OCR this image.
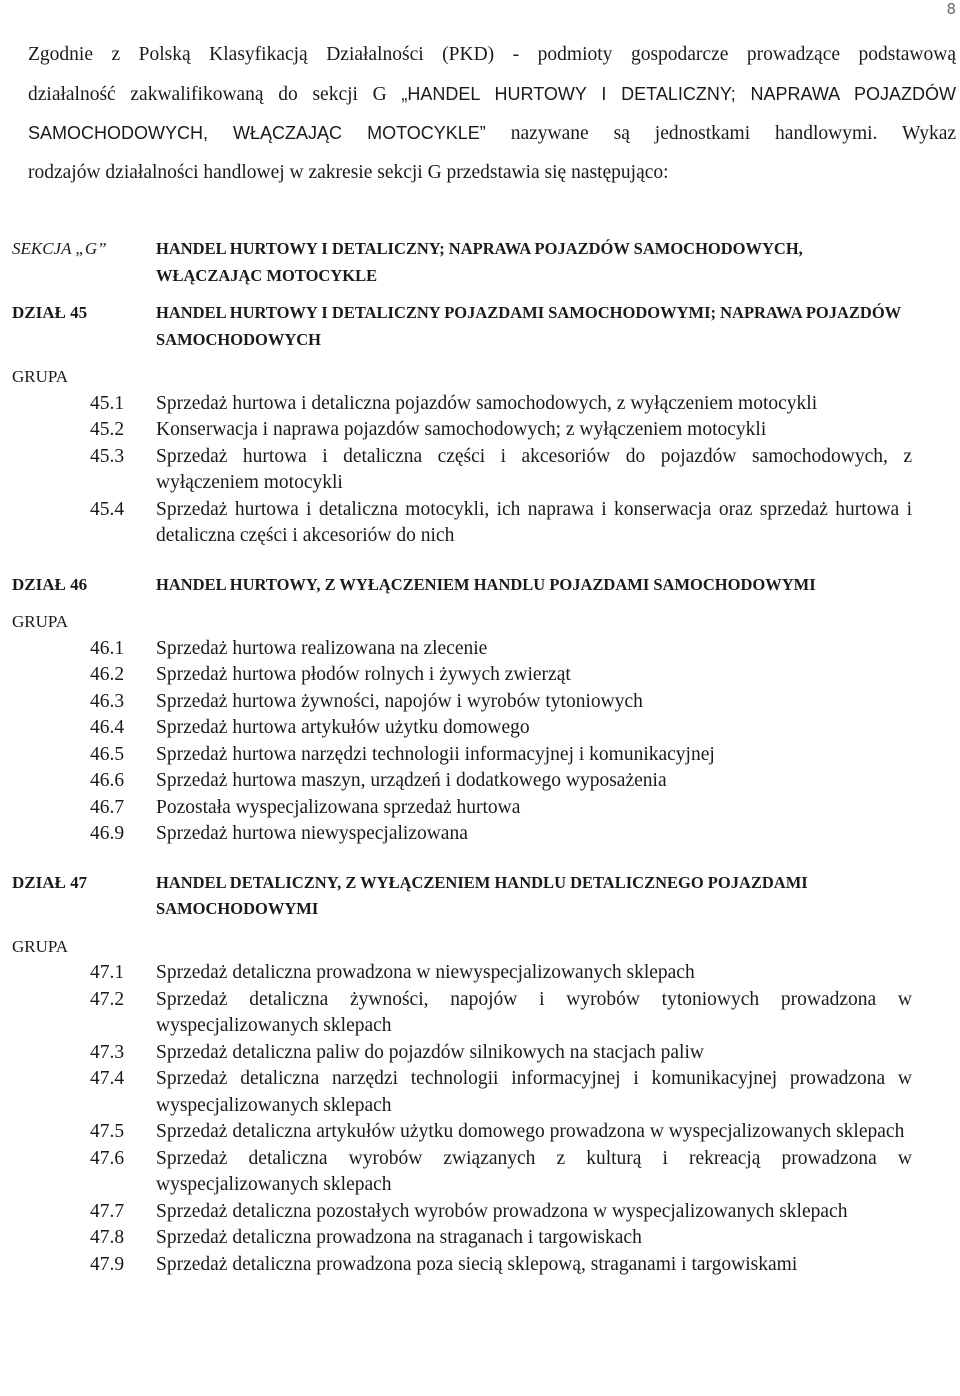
8
Zgodnie z Polską Klasyfikacją Działalności (PKD) - podmioty gospodarcze prowadzące podstawową
działalność zakwalifikowaną do sekcji G „HANDEL HURTOWY I DETALICZNY; NAPRAWA POJAZDÓW
SAMOCHODOWYCH, WŁĄCZAJĄC MOTOCYKLE” nazywane są jednostkami handlowymi. Wykaz
rodzajów działalności handlowej w zakresie sekcji G przedstawia się następująco:
SEKCJA „G”	HANDEL HURTOWY I DETALICZNY; NAPRAWA POJAZDÓW SAMOCHODOWYCH, WŁĄCZAJĄC MOTOCYKLE
DZIAŁ 45	HANDEL HURTOWY I DETALICZNY POJAZDAMI SAMOCHODOWYMI; NAPRAWA POJAZDÓW SAMOCHODOWYCH
GRUPA
45.1	Sprzedaż hurtowa i detaliczna pojazdów samochodowych, z wyłączeniem motocykli
45.2	Konserwacja i naprawa pojazdów samochodowych; z wyłączeniem motocykli
45.3	Sprzedaż hurtowa i detaliczna części i akcesoriów do pojazdów samochodowych, z wyłączeniem motocykli
45.4	Sprzedaż hurtowa i detaliczna motocykli, ich naprawa i konserwacja oraz sprzedaż hurtowa i detaliczna części i akcesoriów do nich
DZIAŁ 46	HANDEL HURTOWY, Z WYŁĄCZENIEM HANDLU POJAZDAMI SAMOCHODOWYMI
GRUPA
46.1	Sprzedaż hurtowa realizowana na zlecenie
46.2	Sprzedaż hurtowa płodów rolnych i żywych zwierząt
46.3	Sprzedaż hurtowa żywności, napojów i wyrobów tytoniowych
46.4	Sprzedaż hurtowa artykułów użytku domowego
46.5	Sprzedaż hurtowa narzędzi technologii informacyjnej i komunikacyjnej
46.6	Sprzedaż hurtowa maszyn, urządzeń i dodatkowego wyposażenia
46.7	Pozostała wyspecjalizowana sprzedaż hurtowa
46.9	Sprzedaż hurtowa niewyspecjalizowana
DZIAŁ 47	HANDEL DETALICZNY, Z WYŁĄCZENIEM HANDLU DETALICZNEGO POJAZDAMI SAMOCHODOWYMI
GRUPA
47.1	Sprzedaż detaliczna prowadzona w niewyspecjalizowanych sklepach
47.2	Sprzedaż detaliczna żywności, napojów i wyrobów tytoniowych prowadzona w wyspecjalizowanych sklepach
47.3	Sprzedaż detaliczna paliw do pojazdów silnikowych na stacjach paliw
47.4	Sprzedaż detaliczna narzędzi technologii informacyjnej i komunikacyjnej prowadzona w wyspecjalizowanych sklepach
47.5	Sprzedaż detaliczna artykułów użytku domowego prowadzona w wyspecjalizowanych sklepach
47.6	Sprzedaż detaliczna wyrobów związanych z kulturą i rekreacją prowadzona w wyspecjalizowanych sklepach
47.7	Sprzedaż detaliczna pozostałych wyrobów prowadzona w wyspecjalizowanych sklepach
47.8	Sprzedaż detaliczna prowadzona na straganach i targowiskach
47.9	Sprzedaż detaliczna prowadzona poza siecią sklepową, straganami i targowiskami
